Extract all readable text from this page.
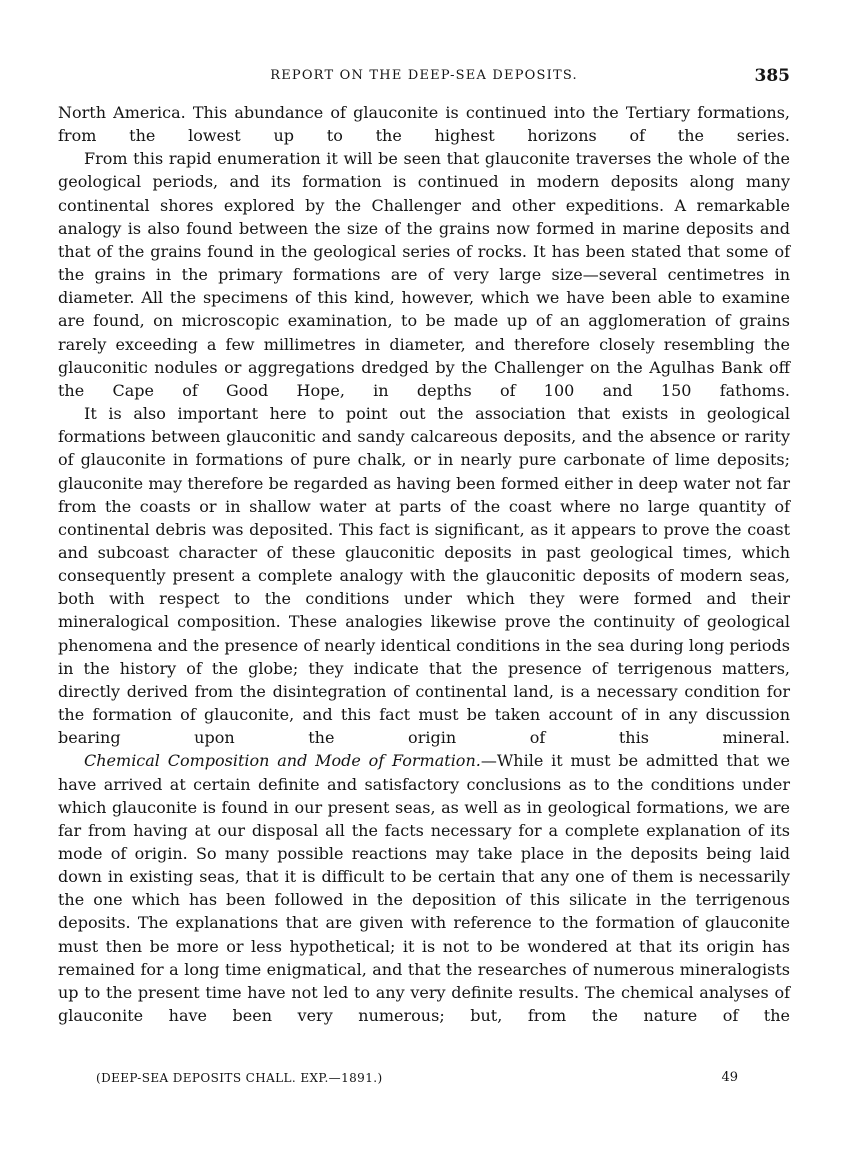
REPORT ON THE DEEP-SEA DEPOSITS.	385

North America. This abundance of glauconite is continued into the Tertiary formations, from the lowest up to the highest horizons of the series.

From this rapid enumeration it will be seen that glauconite traverses the whole of the geological periods, and its formation is continued in modern deposits along many continental shores explored by the Challenger and other expeditions. A remarkable analogy is also found between the size of the grains now formed in marine deposits and that of the grains found in the geological series of rocks. It has been stated that some of the grains in the primary formations are of very large size—several centimetres in diameter. All the specimens of this kind, however, which we have been able to examine are found, on microscopic examination, to be made up of an agglomeration of grains rarely exceeding a few millimetres in diameter, and therefore closely resembling the glauconitic nodules or aggregations dredged by the Challenger on the Agulhas Bank off the Cape of Good Hope, in depths of 100 and 150 fathoms.

It is also important here to point out the association that exists in geological formations between glauconitic and sandy calcareous deposits, and the absence or rarity of glauconite in formations of pure chalk, or in nearly pure carbonate of lime deposits; glauconite may therefore be regarded as having been formed either in deep water not far from the coasts or in shallow water at parts of the coast where no large quantity of continental debris was deposited. This fact is significant, as it appears to prove the coast and subcoast character of these glauconitic deposits in past geological times, which consequently present a complete analogy with the glauconitic deposits of modern seas, both with respect to the conditions under which they were formed and their mineralogical composition. These analogies likewise prove the continuity of geological phenomena and the presence of nearly identical conditions in the sea during long periods in the history of the globe; they indicate that the presence of terrigenous matters, directly derived from the disintegration of continental land, is a necessary condition for the formation of glauconite, and this fact must be taken account of in any discussion bearing upon the origin of this mineral.

Chemical Composition and Mode of Formation.—While it must be admitted that we have arrived at certain definite and satisfactory conclusions as to the conditions under which glauconite is found in our present seas, as well as in geological formations, we are far from having at our disposal all the facts necessary for a complete explanation of its mode of origin. So many possible reactions may take place in the deposits being laid down in existing seas, that it is difficult to be certain that any one of them is necessarily the one which has been followed in the deposition of this silicate in the terrigenous deposits. The explanations that are given with reference to the formation of glauconite must then be more or less hypothetical; it is not to be wondered at that its origin has remained for a long time enigmatical, and that the researches of numerous mineralogists up to the present time have not led to any very definite results. The chemical analyses of glauconite have been very numerous; but, from the nature of the

(DEEP-SEA DEPOSITS CHALL. EXP.—1891.)	49
